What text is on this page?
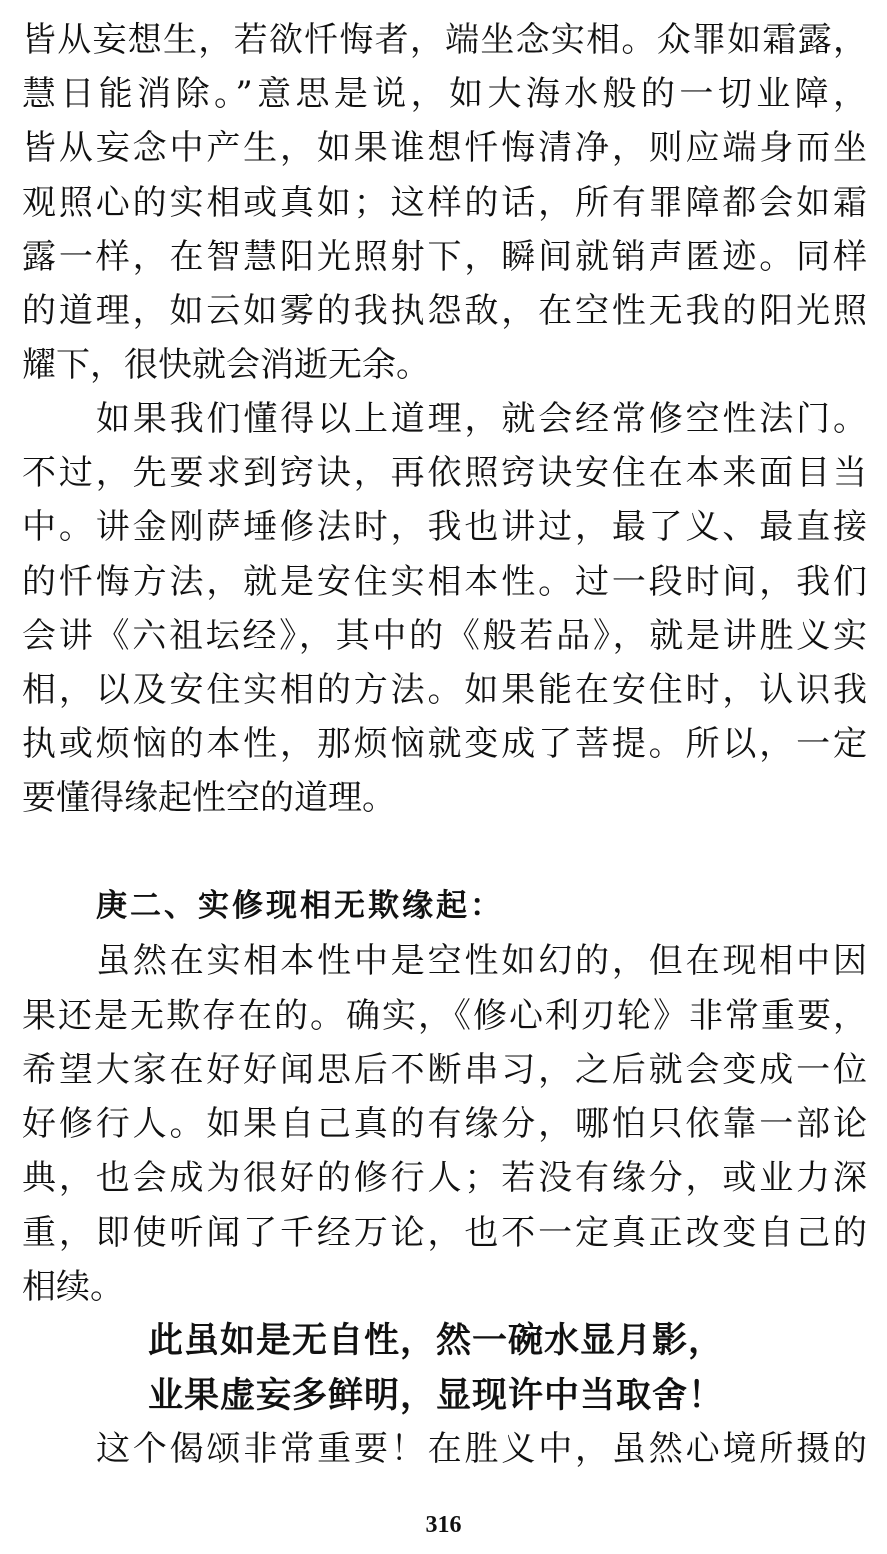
皆从妄想生，若欲忏悔者，端坐念实相。众罪如霜露，
慧日能消除。”意思是说，如大海水般的一切业障，
皆从妄念中产生，如果谁想忏悔清净，则应端身而坐
观照心的实相或真如；这样的话，所有罪障都会如霜
露一样，在智慧阳光照射下，瞬间就销声匿迹。同样
的道理，如云如雾的我执怨敌，在空性无我的阳光照
耀下，很快就会消逝无余。
如果我们懂得以上道理，就会经常修空性法门。
不过，先要求到窍诀，再依照窍诀安住在本来面目当
中。讲金刚萨埵修法时，我也讲过，最了义、最直接
的忏悔方法，就是安住实相本性。过一段时间，我们
会讲《六祖坛经》，其中的《般若品》，就是讲胜义实
相，以及安住实相的方法。如果能在安住时，认识我
执或烦恼的本性，那烦恼就变成了菩提。所以，一定
要懂得缘起性空的道理。
庚二、实修现相无欺缘起：
虽然在实相本性中是空性如幻的，但在现相中因
果还是无欺存在的。确实，《修心利刃轮》非常重要，
希望大家在好好闻思后不断串习，之后就会变成一位
好修行人。如果自己真的有缘分，哪怕只依靠一部论
典，也会成为很好的修行人；若没有缘分，或业力深
重，即使听闻了千经万论，也不一定真正改变自己的
相续。
此虽如是无自性，然一碗水显月影，
业果虚妄多鲜明，显现许中当取舍！
这个偈颂非常重要！在胜义中，虽然心境所摄的
316
